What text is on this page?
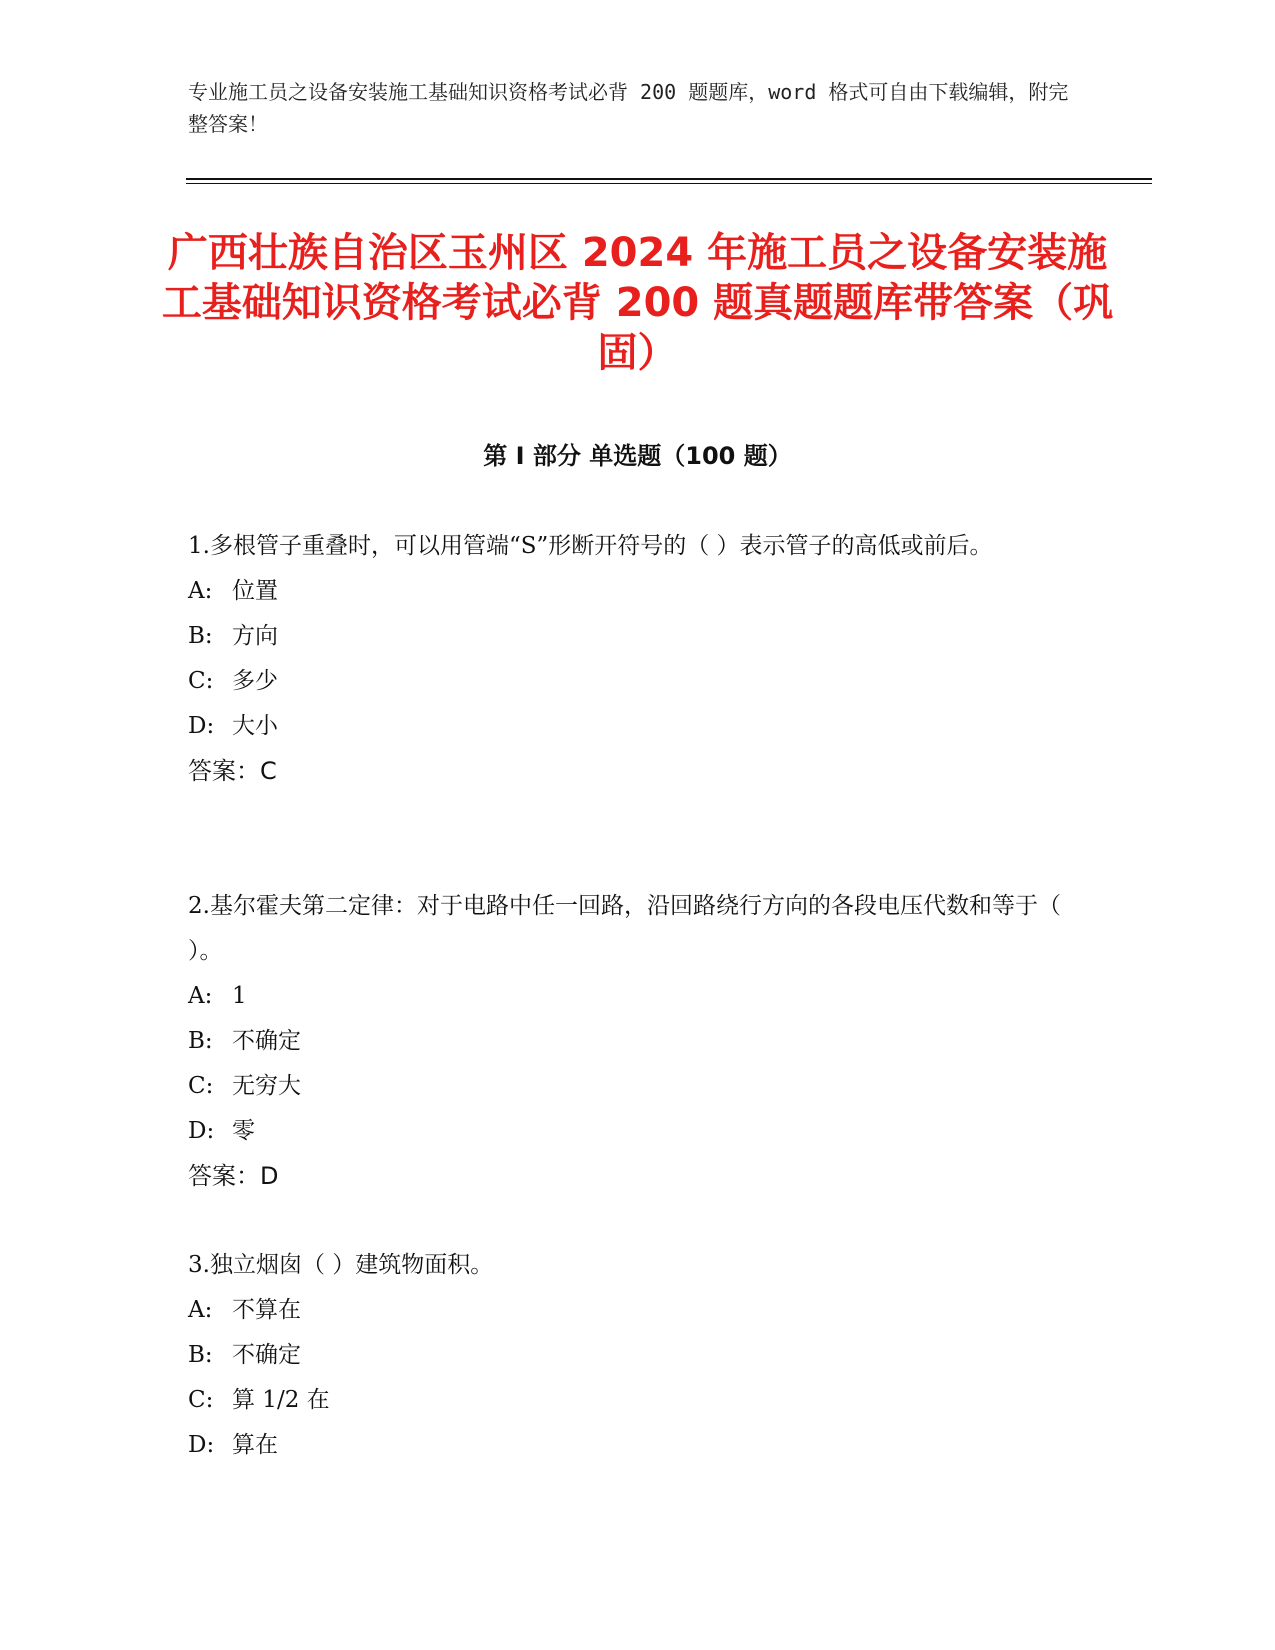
专业施工员之设备安装施工基础知识资格考试必背 200 题题库，word 格式可自由下载编辑，附完整答案！
广西壮族自治区玉州区 2024 年施工员之设备安装施工基础知识资格考试必背 200 题真题题库带答案（巩固）
第 I 部分 单选题（100 题）

1.多根管子重叠时，可以用管端“S”形断开符号的（ ）表示管子的高低或前后。

A: 位置

B: 方向

C: 多少

D: 大小

答案：C

2.基尔霍夫第二定律：对于电路中任一回路，沿回路绕行方向的各段电压代数和等于（ ）。

A: 1

B: 不确定

C: 无穷大

D: 零

答案：D

3.独立烟囱（ ）建筑物面积。

A: 不算在

B: 不确定

C: 算 1/2 在

D: 算在
